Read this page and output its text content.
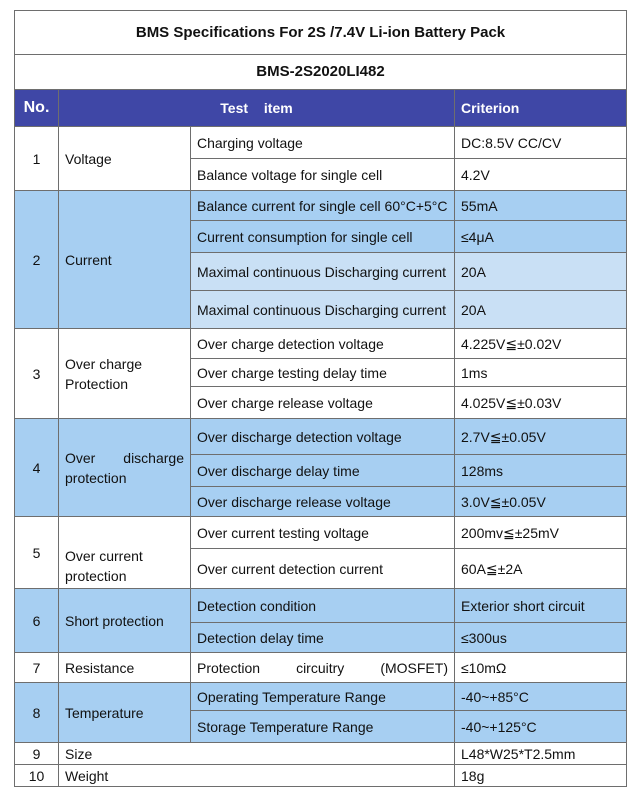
BMS Specifications For 2S /7.4V Li-ion Battery Pack			
BMS-2S2020LI482			
No.	Test item		Criterion
1	Voltage	Charging voltage	DC:8.5V CC/CV
		Balance voltage for single cell	4.2V
2	Current	Balance current for single cell 60°C+5°C	55mA
		Current consumption for single cell	≤4μA
		Maximal continuous Discharging current	20A
		Maximal continuous Discharging current	20A
3	Over charge Protection	Over charge detection voltage	4.225V≦±0.02V
		Over charge testing delay time	1ms
		Over charge release voltage	4.025V≦±0.03V
4	Over discharge protection	Over discharge detection voltage	2.7V≦±0.05V
		Over discharge delay time	128ms
		Over discharge release voltage	3.0V≦±0.05V
5	Over current protection	Over current testing voltage	200mv≦±25mV
		Over current detection current	60A≦±2A
6	Short protection	Detection condition	Exterior short circuit
		Detection delay time	≤300us
7	Resistance	Protection circuitry (MOSFET)	≤10mΩ
8	Temperature	Operating Temperature Range	-40~+85°C
		Storage Temperature Range	-40~+125°C
9	Size		L48*W25*T2.5mm
10	Weight		18g
